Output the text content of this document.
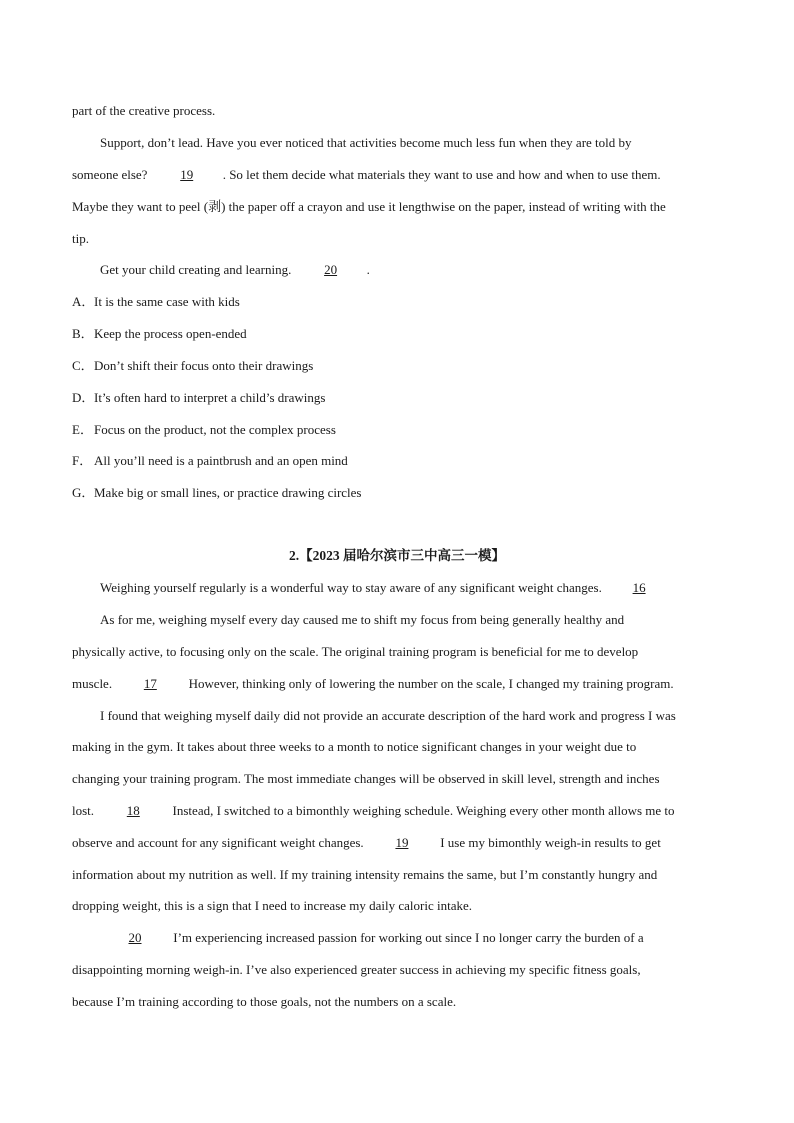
part of the creative process.

Support, don’t lead. Have you ever noticed that activities become much less fun when they are told by

someone else?	19 . So let them decide what materials they want to use and how and when to use them.

Maybe they want to peel (剥) the paper off a crayon and use it lengthwise on the paper, instead of writing with the

tip.

Get your child creating and learning.	20 .

A．It is the same case with kids
B．Keep the process open-ended
C．Don’t shift their focus onto their drawings
D．It’s often hard to interpret a child’s drawings
E．Focus on the product, not the complex process
F． All you’ll need is a paintbrush and an open mind
G．Make big or small lines, or practice drawing circles

2.【2023 届哈尔滨市三中高三一模】

Weighing yourself regularly is a wonderful way to stay aware of any significant weight changes. 16

As for me, weighing myself every day caused me to shift my focus from being generally healthy and

physically active, to focusing only on the scale. The original training program is beneficial for me to develop

muscle. 17 However, thinking only of lowering the number on the scale, I changed my training program.

I found that weighing myself daily did not provide an accurate description of the hard work and progress I was

making in the gym. It takes about three weeks to a month to notice significant changes in your weight due to

changing your training program. The most immediate changes will be observed in skill level, strength and inches

lost.	18	Instead, I switched to a bimonthly weighing schedule. Weighing every other month allows me to

observe and account for any significant weight changes. 19 I use my bimonthly weigh-in results to get

information about my nutrition as well. If my training intensity remains the same, but I’m constantly hungry and

dropping weight, this is a sign that I need to increase my daily caloric intake.

20 I’m experiencing increased passion for working out since I no longer carry the burden of a

disappointing morning weigh-in. I’ve also experienced greater success in achieving my specific fitness goals,

because I’m training according to those goals, not the numbers on a scale.
